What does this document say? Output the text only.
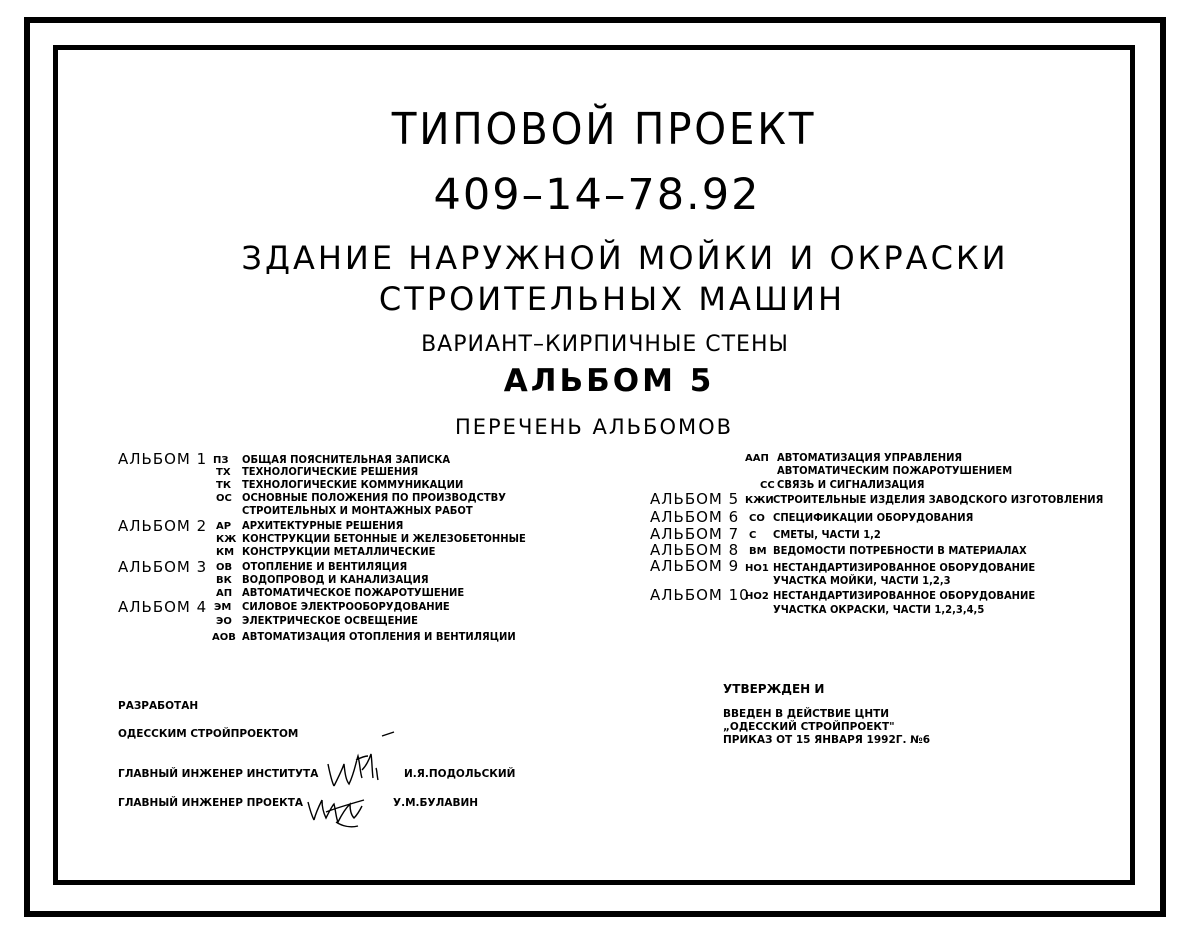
ТИПОВОЙ ПРОЕКТ
409–14–78.92
ЗДАНИЕ НАРУЖНОЙ МОЙКИ И ОКРАСКИ
СТРОИТЕЛЬНЫХ МАШИН
ВАРИАНТ–КИРПИЧНЫЕ СТЕНЫ
АЛЬБОМ 5
ПЕРЕЧЕНЬ АЛЬБОМОВ
АЛЬБОМ 1 ПЗ ОБЩАЯ ПОЯСНИТЕЛЬНАЯ ЗАПИСКА
ТХ ТЕХНОЛОГИЧЕСКИЕ РЕШЕНИЯ
ТК ТЕХНОЛОГИЧЕСКИЕ КОММУНИКАЦИИ
ОС ОСНОВНЫЕ ПОЛОЖЕНИЯ ПО ПРОИЗВОДСТВУ
СТРОИТЕЛЬНЫХ И МОНТАЖНЫХ РАБОТ
АЛЬБОМ 2 АР АРХИТЕКТУРНЫЕ РЕШЕНИЯ
КЖ КОНСТРУКЦИИ БЕТОННЫЕ И ЖЕЛЕЗОБЕТОННЫЕ
КМ КОНСТРУКЦИИ МЕТАЛЛИЧЕСКИЕ
АЛЬБОМ 3 ОВ ОТОПЛЕНИЕ И ВЕНТИЛЯЦИЯ
ВК ВОДОПРОВОД И КАНАЛИЗАЦИЯ
АП АВТОМАТИЧЕСКОЕ ПОЖАРОТУШЕНИЕ
АЛЬБОМ 4 ЭМ СИЛОВОЕ ЭЛЕКТРООБОРУДОВАНИЕ
ЭО ЭЛЕКТРИЧЕСКОЕ ОСВЕЩЕНИЕ
АОВ АВТОМАТИЗАЦИЯ ОТОПЛЕНИЯ И ВЕНТИЛЯЦИИ
ААП АВТОМАТИЗАЦИЯ УПРАВЛЕНИЯ
АВТОМАТИЧЕСКИМ ПОЖАРОТУШЕНИЕМ
СС СВЯЗЬ И СИГНАЛИЗАЦИЯ
АЛЬБОМ 5 КЖИ СТРОИТЕЛЬНЫЕ ИЗДЕЛИЯ ЗАВОДСКОГО ИЗГОТОВЛЕНИЯ
АЛЬБОМ 6 СО СПЕЦИФИКАЦИИ ОБОРУДОВАНИЯ
АЛЬБОМ 7 С СМЕТЫ, ЧАСТИ 1,2
АЛЬБОМ 8 ВМ ВЕДОМОСТИ ПОТРЕБНОСТИ В МАТЕРИАЛАХ
АЛЬБОМ 9 НО1 НЕСТАНДАРТИЗИРОВАННОЕ ОБОРУДОВАНИЕ
УЧАСТКА МОЙКИ, ЧАСТИ 1,2,3
АЛЬБОМ 10
НО2 НЕСТАНДАРТИЗИРОВАННОЕ ОБОРУДОВАНИЕ
УЧАСТКА ОКРАСКИ, ЧАСТИ 1,2,3,4,5
РАЗРАБОТАН
ОДЕССКИМ СТРОЙПРОЕКТОМ
ГЛАВНЫЙ ИНЖЕНЕР ИНСТИТУТА	И.Я.ПОДОЛЬСКИЙ
ГЛАВНЫЙ ИНЖЕНЕР ПРОЕКТА	У.М.БУЛАВИН
УТВЕРЖДЕН И
ВВЕДЕН В ДЕЙСТВИЕ ЦНТИ
„ОДЕССКИЙ СТРОЙПРОЕКТ"
ПРИКАЗ ОТ 15 ЯНВАРЯ 1992Г. №6
